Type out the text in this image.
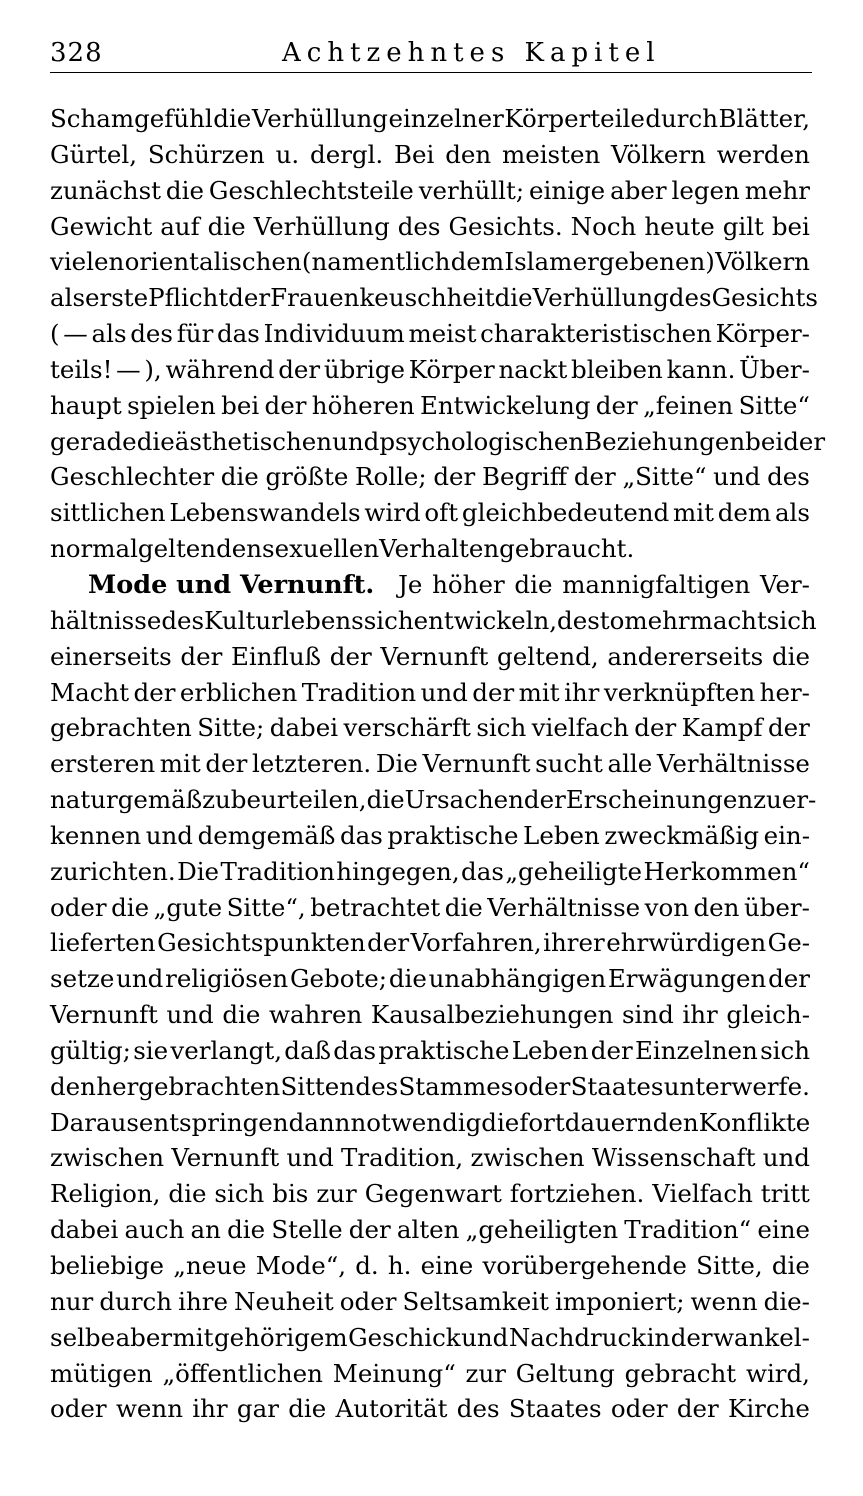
328	Achtzehntes Kapitel
Schamgefühl die Verhüllung einzelner Körperteile durch Blätter,
Gürtel, Schürzen u. dergl. Bei den meisten Völkern werden
zunächst die Geschlechtsteile verhüllt; einige aber legen mehr
Gewicht auf die Verhüllung des Gesichts. Noch heute gilt bei
vielen orientalischen (namentlich dem Islam ergebenen) Völkern
als erste Pflicht der Frauenkeuschheit die Verhüllung des Gesichts
( — als des für das Individuum meist charakteristischen Körper-
teils! — ), während der übrige Körper nackt bleiben kann. Über-
haupt spielen bei der höheren Entwickelung der „feinen Sitte“
gerade die ästhetischen und psychologischen Beziehungen beider
Geschlechter die größte Rolle; der Begriff der „Sitte“ und des
sittlichen Lebenswandels wird oft gleichbedeutend mit dem als
normal geltenden sexuellen Verhalten gebraucht.
Mode und Vernunft. Je höher die mannigfaltigen Ver-
hältnisse des Kulturlebens sich entwickeln, desto mehr macht sich
einerseits der Einfluß der Vernunft geltend, andererseits die
Macht der erblichen Tradition und der mit ihr verknüpften her-
gebrachten Sitte; dabei verschärft sich vielfach der Kampf der
ersteren mit der letzteren. Die Vernunft sucht alle Verhältnisse
naturgemäß zu beurteilen, die Ursachen der Erscheinungen zu er-
kennen und demgemäß das praktische Leben zweckmäßig ein-
zurichten. Die Tradition hingegen, das „geheiligte Herkommen“
oder die „gute Sitte“, betrachtet die Verhältnisse von den über-
lieferten Gesichtspunkten der Vorfahren, ihrer ehrwürdigen Ge-
setze und religiösen Gebote; die unabhängigen Erwägungen der
Vernunft und die wahren Kausalbeziehungen sind ihr gleich-
gültig; sie verlangt, daß das praktische Leben der Einzelnen sich
den hergebrachten Sitten des Stammes oder Staates unterwerfe.
Daraus entspringen dann notwendig die fortdauernden Konflikte
zwischen Vernunft und Tradition, zwischen Wissenschaft und
Religion, die sich bis zur Gegenwart fortziehen. Vielfach tritt
dabei auch an die Stelle der alten „geheiligten Tradition“ eine
beliebige „neue Mode“, d. h. eine vorübergehende Sitte, die
nur durch ihre Neuheit oder Seltsamkeit imponiert; wenn die-
selbe aber mit gehörigem Geschick und Nachdruck in der wankel-
mütigen „öffentlichen Meinung“ zur Geltung gebracht wird,
oder wenn ihr gar die Autorität des Staates oder der Kirche
